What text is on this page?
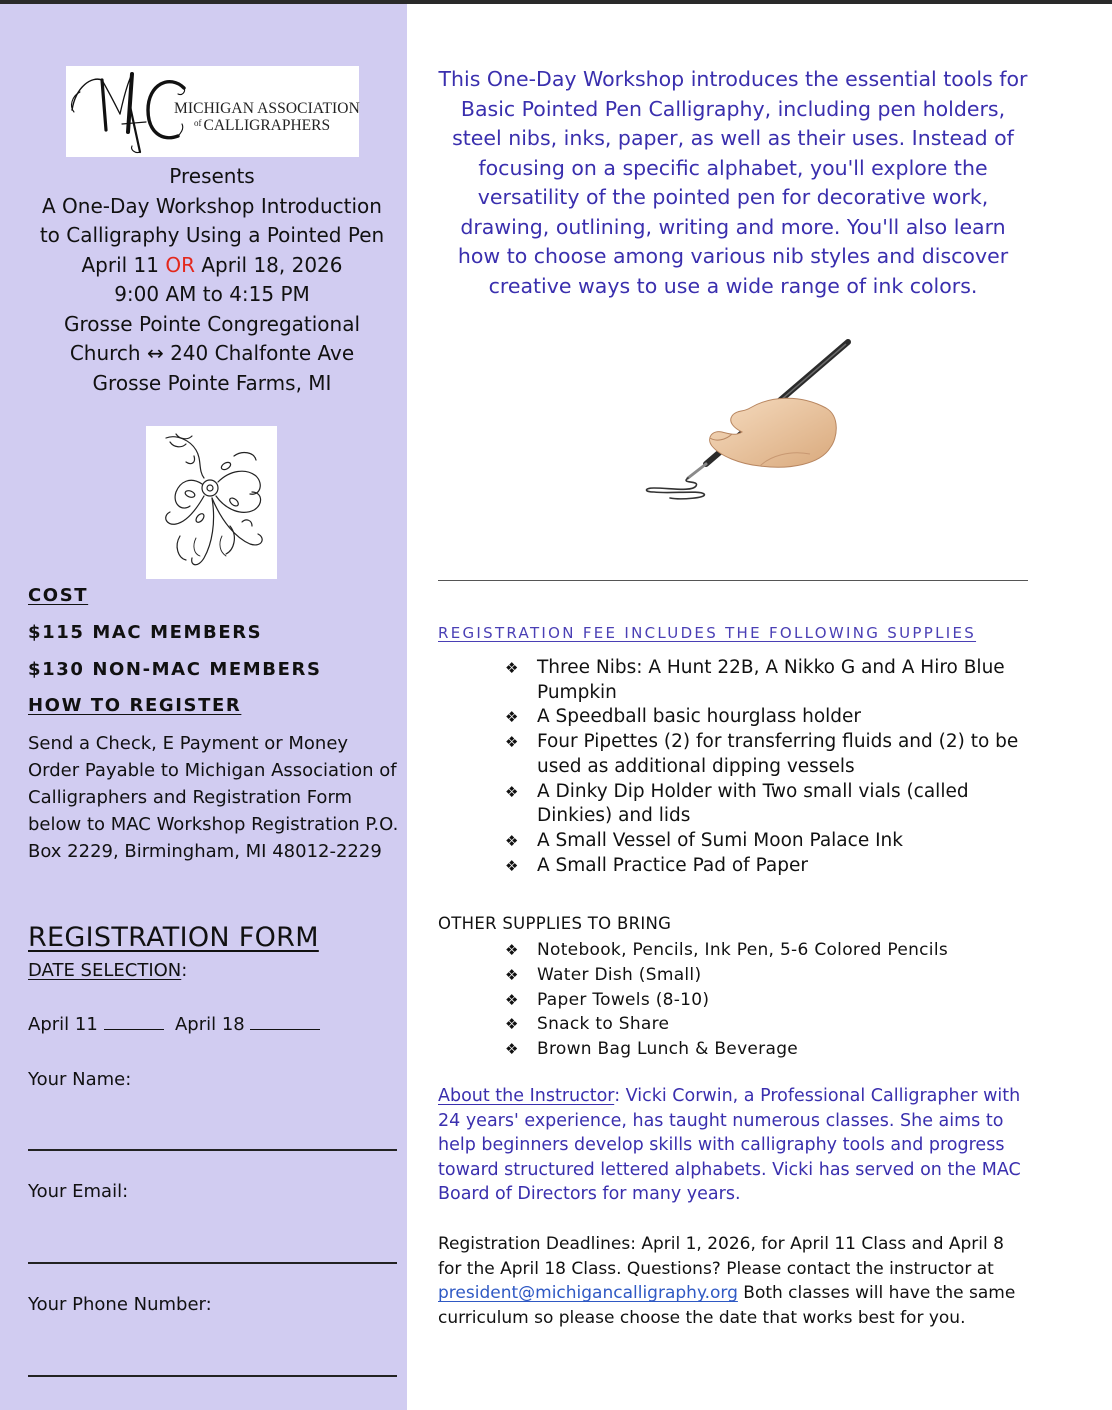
MICHIGAN ASSOCIATION
$^{of}$ CALLIGRAPHERS
Presents
A One-Day Workshop Introduction
to Calligraphy Using a Pointed Pen
April 11 OR April 18, 2026
9:00 AM to 4:15 PM
Grosse Pointe Congregational
Church ↔ 240 Chalfonte Ave
Grosse Pointe Farms, MI
COST
$115 MAC MEMBERS
$130 NON-MAC MEMBERS
HOW TO REGISTER
Send a Check, E Payment or Money Order Payable to Michigan Association of Calligraphers and Registration Form below to MAC Workshop Registration P.O. Box 2229, Birmingham, MI 48012-2229
REGISTRATION FORM
DATE SELECTION:
April 11	April 18
Your Name:
Your Email:
Your Phone Number:
This One-Day Workshop introduces the essential tools for Basic Pointed Pen Calligraphy, including pen holders, steel nibs, inks, paper, as well as their uses. Instead of focusing on a specific alphabet, you'll explore the versatility of the pointed pen for decorative work, drawing, outlining, writing and more. You'll also learn how to choose among various nib styles and discover creative ways to use a wide range of ink colors.
REGISTRATION FEE INCLUDES THE FOLLOWING SUPPLIES
❖ Three Nibs: A Hunt 22B, A Nikko G and A Hiro Blue Pumpkin
❖ A Speedball basic hourglass holder
❖ Four Pipettes (2) for transferring fluids and (2) to be used as additional dipping vessels
❖ A Dinky Dip Holder with Two small vials (called Dinkies) and lids
❖ A Small Vessel of Sumi Moon Palace Ink
❖ A Small Practice Pad of Paper
OTHER SUPPLIES TO BRING
❖ Notebook, Pencils, Ink Pen, 5-6 Colored Pencils
❖ Water Dish (Small)
❖ Paper Towels (8-10)
❖ Snack to Share
❖ Brown Bag Lunch & Beverage
About the Instructor: Vicki Corwin, a Professional Calligrapher with 24 years' experience, has taught numerous classes. She aims to help beginners develop skills with calligraphy tools and progress toward structured lettered alphabets. Vicki has served on the MAC Board of Directors for many years.
Registration Deadlines: April 1, 2026, for April 11 Class and April 8 for the April 18 Class. Questions? Please contact the instructor at president@michigancalligraphy.org Both classes will have the same curriculum so please choose the date that works best for you.
